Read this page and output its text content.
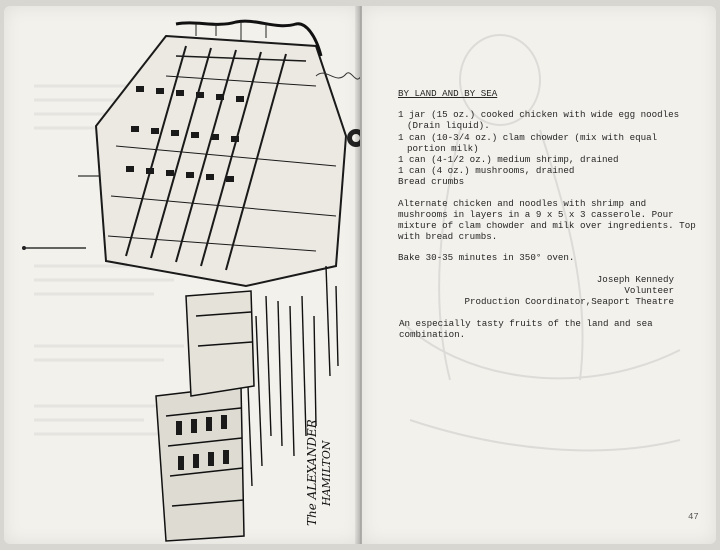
The ALEXANDER HAMILTON

BY LAND AND BY SEA

1 jar (15 oz.) cooked chicken with wide egg noodles
(Drain liquid).
1 can (10-3/4 oz.) clam chowder (mix with equal
portion milk)
1 can (4-1/2 oz.) medium shrimp, drained
1 can (4 oz.) mushrooms, drained
Bread crumbs

Alternate chicken and noodles with shrimp and mushrooms in layers in a 9 x 5 x 3 casserole. Pour mixture of clam chowder and milk over ingredients. Top with bread crumbs.

Bake 30-35 minutes in 350° oven.

Joseph Kennedy

Volunteer

Production Coordinator,Seaport Theatre

An especially tasty fruits of the land and sea combination.
47
